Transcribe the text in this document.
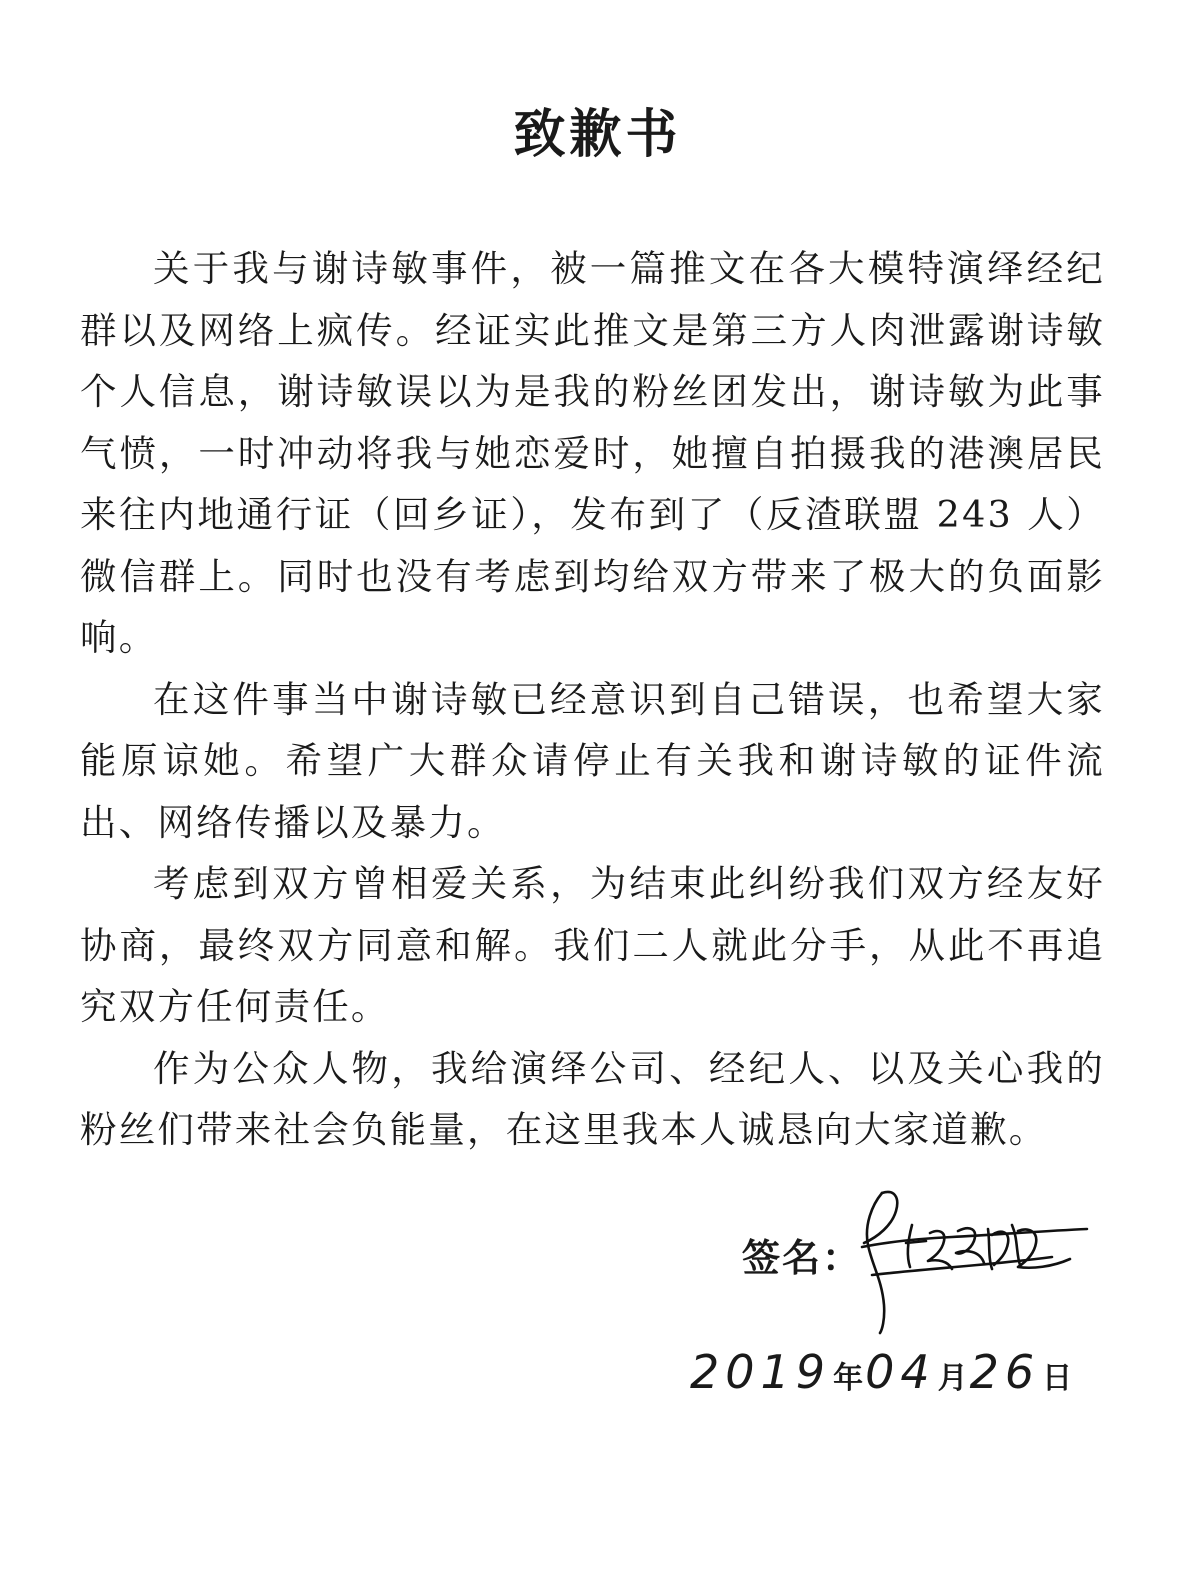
致歉书

关于我与谢诗敏事件，被一篇推文在各大模特演绎经纪群以及网络上疯传。经证实此推文是第三方人肉泄露谢诗敏个人信息，谢诗敏误以为是我的粉丝团发出，谢诗敏为此事气愤，一时冲动将我与她恋爱时，她擅自拍摄我的港澳居民来往内地通行证（回乡证），发布到了（反渣联盟 243 人）微信群上。同时也没有考虑到均给双方带来了极大的负面影响。

在这件事当中谢诗敏已经意识到自己错误，也希望大家能原谅她。希望广大群众请停止有关我和谢诗敏的证件流出、网络传播以及暴力。

考虑到双方曾相爱关系，为结束此纠纷我们双方经友好协商，最终双方同意和解。我们二人就此分手，从此不再追究双方任何责任。

作为公众人物，我给演绎公司、经纪人、以及关心我的粉丝们带来社会负能量，在这里我本人诚恳向大家道歉。

签名：
2019年04月26日
